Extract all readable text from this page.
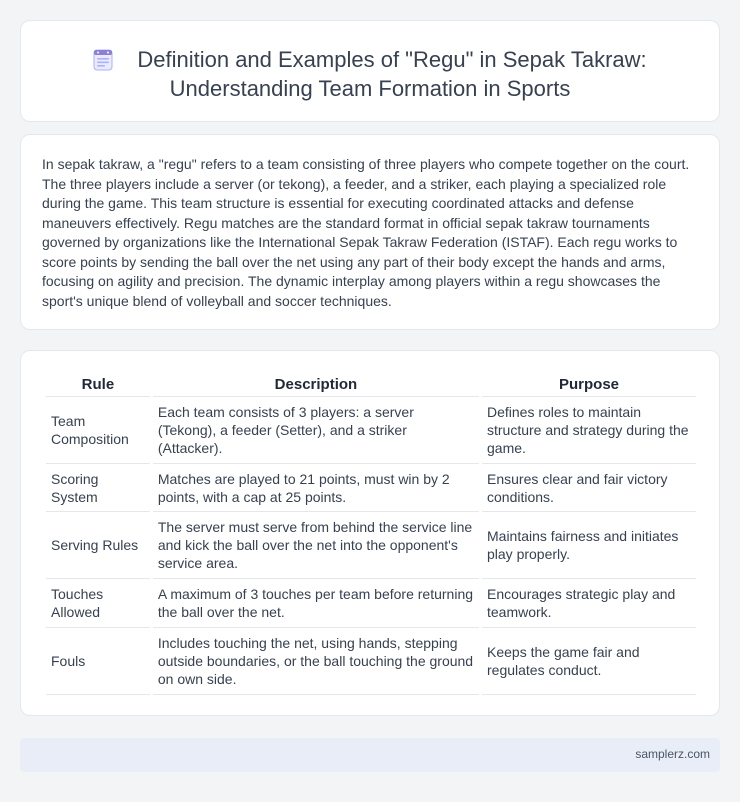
Definition and Examples of "Regu" in Sepak Takraw:
Understanding Team Formation in Sports

In sepak takraw, a "regu" refers to a team consisting of three players who compete together on the court. The three players include a server (or tekong), a feeder, and a striker, each playing a specialized role during the game. This team structure is essential for executing coordinated attacks and defense maneuvers effectively. Regu matches are the standard format in official sepak takraw tournaments governed by organizations like the International Sepak Takraw Federation (ISTAF). Each regu works to score points by sending the ball over the net using any part of their body except the hands and arms, focusing on agility and precision. The dynamic interplay among players within a regu showcases the sport's unique blend of volleyball and soccer techniques.

Rule	Description	Purpose
Team Composition	Each team consists of 3 players: a server (Tekong), a feeder (Setter), and a striker (Attacker).	Defines roles to maintain structure and strategy during the game.
Scoring System	Matches are played to 21 points, must win by 2 points, with a cap at 25 points.	Ensures clear and fair victory conditions.
Serving Rules	The server must serve from behind the service line and kick the ball over the net into the opponent's service area.	Maintains fairness and initiates play properly.
Touches Allowed	A maximum of 3 touches per team before returning the ball over the net.	Encourages strategic play and teamwork.
Fouls	Includes touching the net, using hands, stepping outside boundaries, or the ball touching the ground on own side.	Keeps the game fair and regulates conduct.
samplerz.com
